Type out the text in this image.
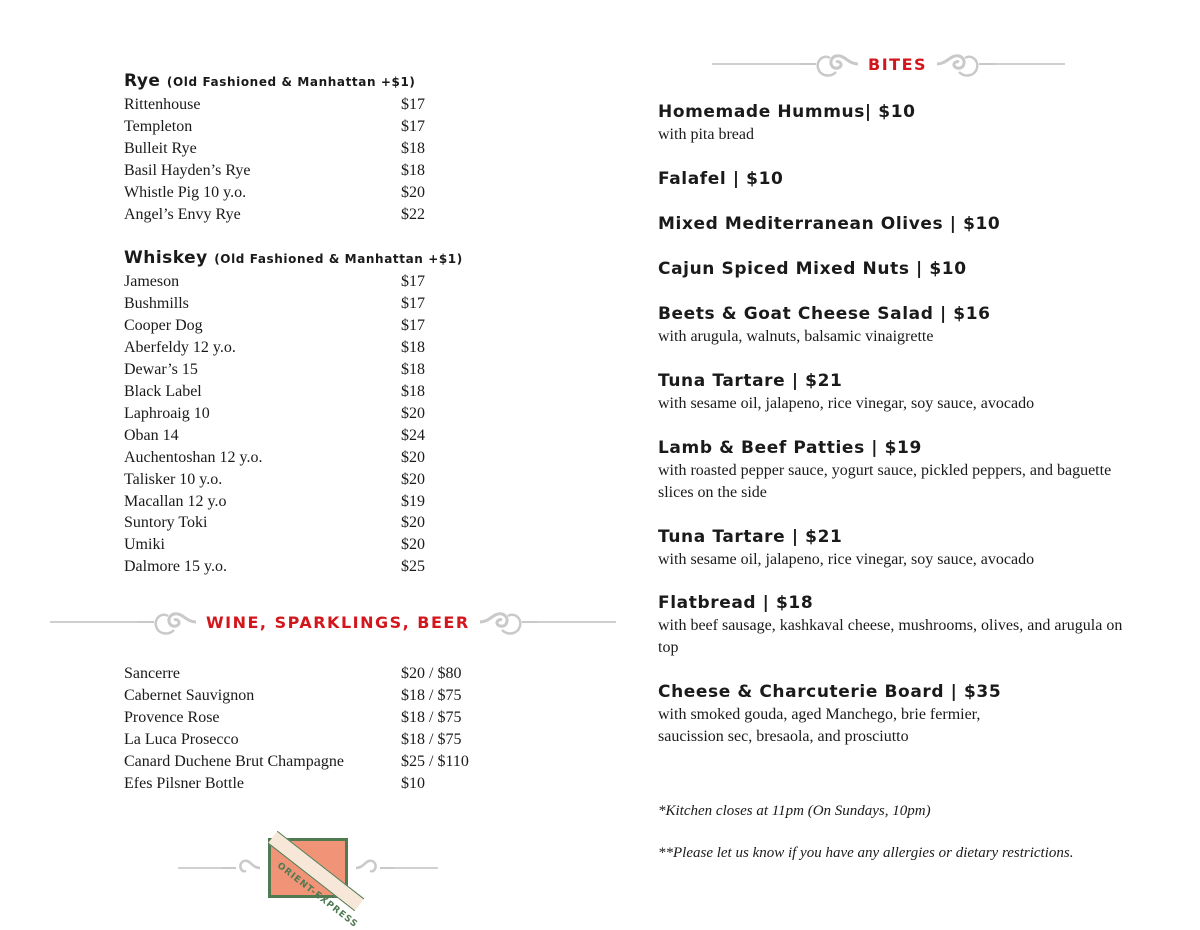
Rye (Old Fashioned & Manhattan +$1)
Rittenhouse	$17
Templeton	$17
Bulleit Rye	$18
Basil Hayden’s Rye	$18
Whistle Pig 10 y.o.	$20
Angel’s Envy Rye	$22
Whiskey (Old Fashioned & Manhattan +$1)
Jameson	$17
Bushmills	$17
Cooper Dog	$17
Aberfeldy 12 y.o.	$18
Dewar’s 15	$18
Black Label	$18
Laphroaig 10	$20
Oban 14	$24
Auchentoshan 12 y.o.	$20
Talisker 10 y.o.	$20
Macallan 12 y.o	$19
Suntory Toki	$20
Umiki	$20
Dalmore 15 y.o.	$25
WINE, SPARKLINGS, BEER
Sancerre	$20 / $80
Cabernet Sauvignon	$18 / $75
Provence Rose	$18 / $75
La Luca Prosecco	$18 / $75
Canard Duchene Brut Champagne	$25 / $110
Efes Pilsner Bottle	$10
ORIENT-EXPRESS
BITES
Homemade Hummus| $10
with pita bread
Falafel | $10
Mixed Mediterranean Olives | $10
Cajun Spiced Mixed Nuts | $10
Beets & Goat Cheese Salad | $16
with arugula, walnuts, balsamic vinaigrette
Tuna Tartare | $21
with sesame oil, jalapeno, rice vinegar, soy sauce, avocado
Lamb & Beef Patties | $19
with roasted pepper sauce, yogurt sauce, pickled peppers, and baguette slices on the side
Tuna Tartare | $21
with sesame oil, jalapeno, rice vinegar, soy sauce, avocado
Flatbread | $18
with beef sausage, kashkaval cheese, mushrooms, olives, and arugula on top
Cheese & Charcuterie Board | $35
with smoked gouda, aged Manchego, brie fermier, saucission sec, bresaola, and prosciutto
*Kitchen closes at 11pm (On Sundays, 10pm)
**Please let us know if you have any allergies or dietary restrictions.
